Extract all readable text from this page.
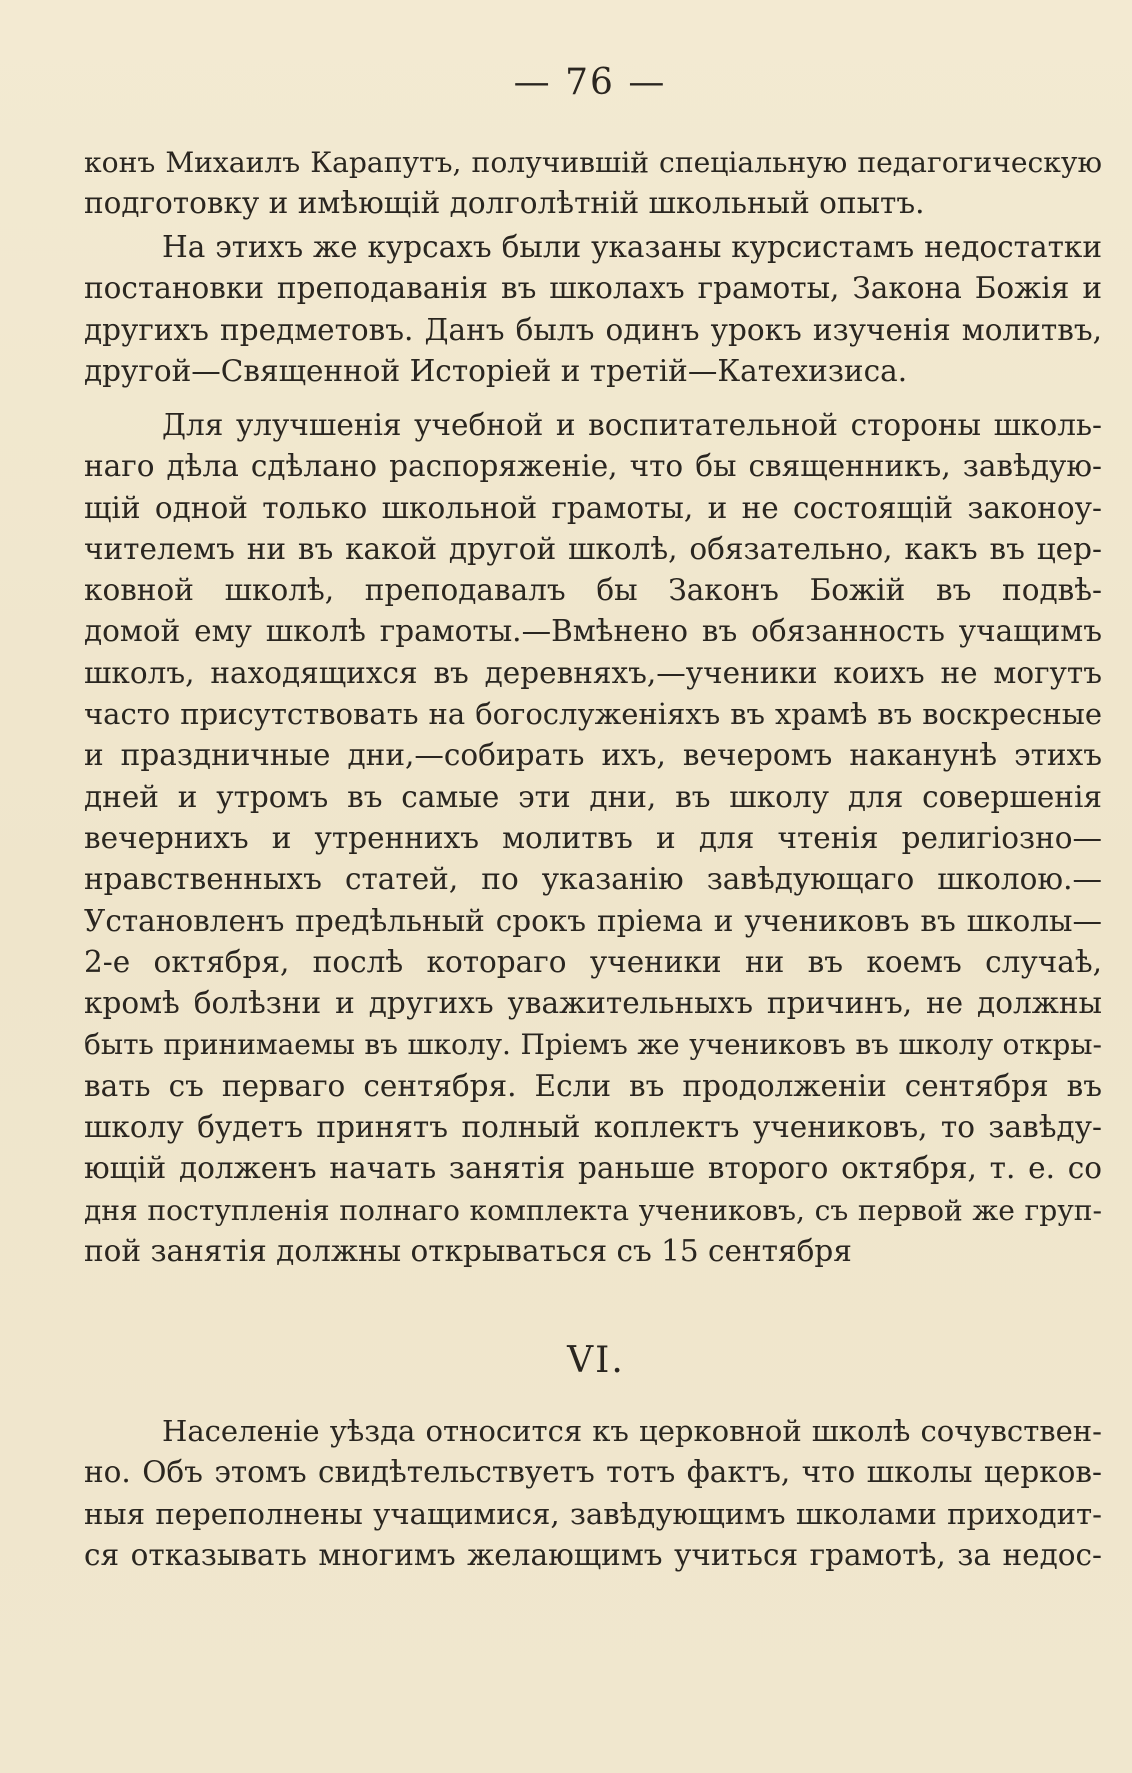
— 76 —
конъ Михаилъ Карапутъ, получившій спеціальную педагогическую
подготовку и имѣющій долголѣтній школьный опытъ.
На этихъ же курсахъ были указаны курсистамъ недостатки
постановки преподаванія въ школахъ грамоты, Закона Божія и
другихъ предметовъ. Данъ былъ одинъ урокъ изученія молитвъ,
другой—Священной Исторіей и третій—Катехизиса.
Для улучшенія учебной и воспитательной стороны школь-
наго дѣла сдѣлано распоряженіе, что бы священникъ, завѣдую-
щій одной только школьной грамоты, и не состоящій законоу-
чителемъ ни въ какой другой школѣ, обязательно, какъ въ цер-
ковной школѣ, преподавалъ бы Законъ Божій въ подвѣ-
домой ему школѣ грамоты.—Вмѣнено въ обязанность учащимъ
школъ, находящихся въ деревняхъ,—ученики коихъ не могутъ
часто присутствовать на богослуженіяхъ въ храмѣ въ воскресные
и праздничные дни,—собирать ихъ, вечеромъ наканунѣ этихъ
дней и утромъ въ самые эти дни, въ школу для совершенія
вечернихъ и утреннихъ молитвъ и для чтенія религіозно—
нравственныхъ статей, по указанію завѣдующаго школою.—
Установленъ предѣльный срокъ пріема и учениковъ въ школы—
2-е октября, послѣ котораго ученики ни въ коемъ случаѣ,
кромѣ болѣзни и другихъ уважительныхъ причинъ, не должны
быть принимаемы въ школу. Пріемъ же учениковъ въ школу откры-
вать съ перваго сентября. Если въ продолженіи сентября въ
школу будетъ принятъ полный коплектъ учениковъ, то завѣду-
ющій долженъ начать занятія раньше второго октября, т. е. со
дня поступленія полнаго комплекта учениковъ, съ первой же груп-
пой занятія должны открываться съ 15 сентября
VI.
Населеніе уѣзда относится къ церковной школѣ сочувствен-
но. Объ этомъ свидѣтельствуетъ тотъ фактъ, что школы церков-
ныя переполнены учащимися, завѣдующимъ школами приходит-
ся отказывать многимъ желающимъ учиться грамотѣ, за недос-
